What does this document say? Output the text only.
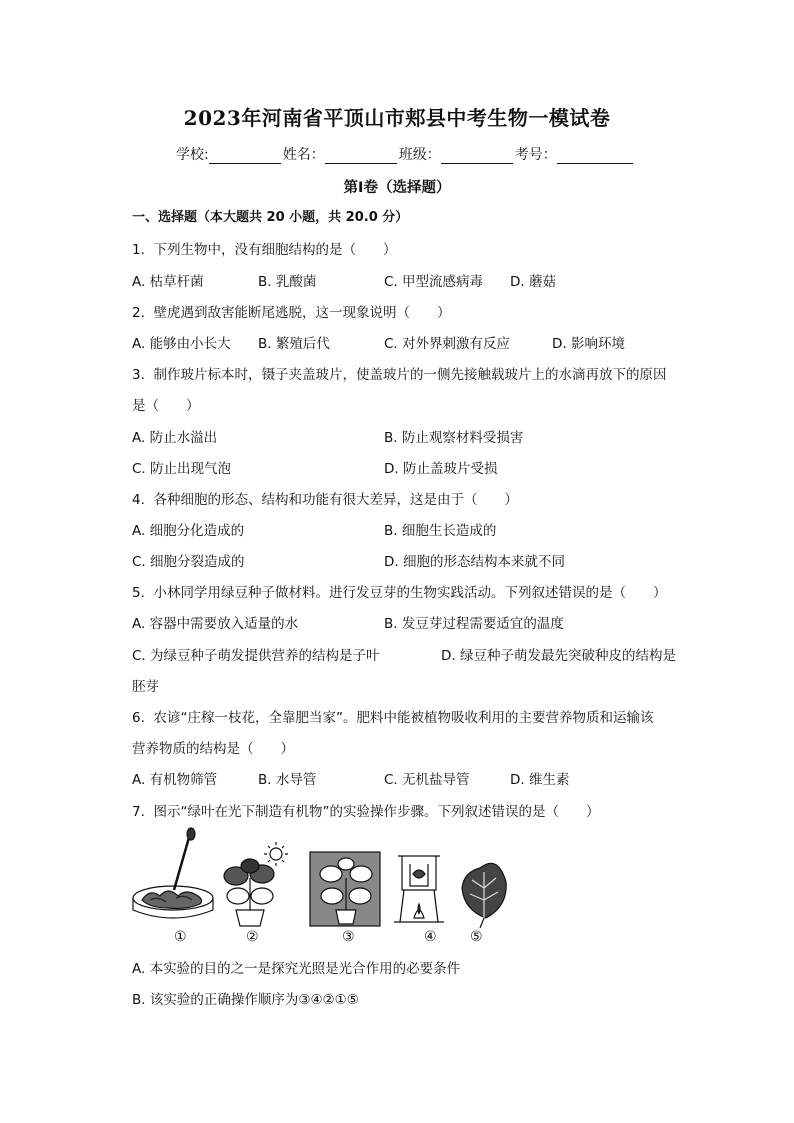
2023年河南省平顶山市郏县中考生物一模试卷
学校:	姓名：	班级：	考号：
第I卷（选择题）
一、选择题（本大题共 20 小题，共 20.0 分）
1. 下列生物中，没有细胞结构的是（　　）
A. 枯草杆菌	B. 乳酸菌	C. 甲型流感病毒 D. 蘑菇
2. 壁虎遇到敌害能断尾逃脱，这一现象说明（　　）
A. 能够由小长大 B. 繁殖后代	C. 对外界刺激有反应	D. 影响环境
3. 制作玻片标本时，镊子夹盖玻片，使盖玻片的一侧先接触载玻片上的水滴再放下的原因
是（　　）
A. 防止水溢出	B. 防止观察材料受损害
C. 防止出现气泡	D. 防止盖玻片受损
4. 各种细胞的形态、结构和功能有很大差异，这是由于（　　）
A. 细胞分化造成的	B. 细胞生长造成的
C. 细胞分裂造成的	D. 细胞的形态结构本来就不同
5. 小林同学用绿豆种子做材料。进行发豆芽的生物实践活动。下列叙述错误的是（　　）
A. 容器中需要放入适量的水	B. 发豆芽过程需要适宜的温度
C. 为绿豆种子萌发提供营养的结构是子叶	D. 绿豆种子萌发最先突破种皮的结构是
胚芽
6. 农谚“庄稼一枝花，全靠肥当家”。肥料中能被植物吸收利用的主要营养物质和运输该
营养物质的结构是（　　）
A. 有机物筛管	B. 水导管	C. 无机盐导管	D. 维生素
7. 图示“绿叶在光下制造有机物”的实验操作步骤。下列叙述错误的是（　　）
①	②	③	④ ⑤
A. 本实验的目的之一是探究光照是光合作用的必要条件
B. 该实验的正确操作顺序为③④②①⑤
